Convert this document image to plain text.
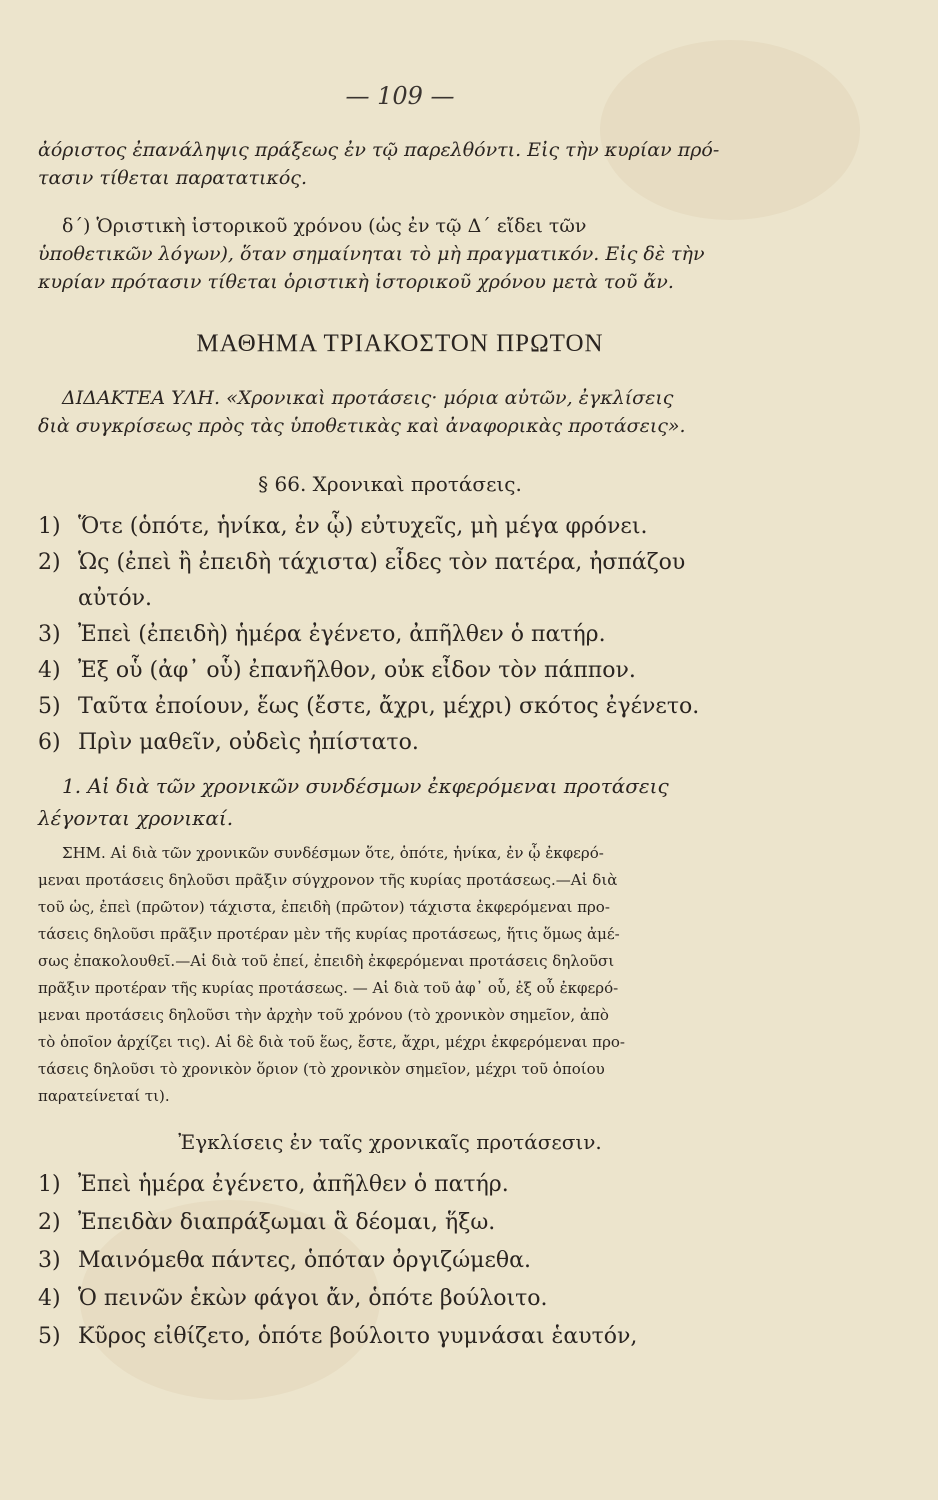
— 109 —
ἀόριστος ἐπανάληψις πράξεως ἐν τῷ παρελθόντι. Εἰς τὴν κυρίαν πρό-
τασιν τίθεται παρατατικός.
δ΄) Ὁριστικὴ ἱστορικοῦ χρόνου (ὡς ἐν τῷ Δ΄ εἴδει τῶν
ὑποθετικῶν λόγων), ὅταν σημαίνηται τὸ μὴ πραγματικόν. Εἰς δὲ τὴν
κυρίαν πρότασιν τίθεται ὁριστικὴ ἱστορικοῦ χρόνου μετὰ τοῦ ἄν.
ΜΑΘΗΜΑ ΤΡΙΑΚΟΣΤΟΝ ΠΡΩΤΟΝ
ΔΙΔΑΚΤΕΑ ΥΛΗ. «Χρονικαὶ προτάσεις· μόρια αὐτῶν, ἐγκλίσεις
διὰ συγκρίσεως πρὸς τὰς ὑποθετικὰς καὶ ἀναφορικὰς προτάσεις».
§ 66. Χρονικαὶ προτάσεις.
1) Ὅτε (ὁπότε, ἡνίκα, ἐν ᾧ) εὐτυχεῖς, μὴ μέγα φρόνει.
2) Ὡς (ἐπεὶ ἢ ἐπειδὴ τάχιστα) εἶδες τὸν πατέρα, ἠσπάζου
αὐτόν.
3) Ἐπεὶ (ἐπειδὴ) ἡμέρα ἐγένετο, ἀπῆλθεν ὁ πατήρ.
4) Ἐξ οὗ (ἀφ᾽ οὗ) ἐπανῆλθον, οὐκ εἶδον τὸν πάππον.
5) Ταῦτα ἐποίουν, ἕως (ἔστε, ἄχρι, μέχρι) σκότος ἐγένετο.
6) Πρὶν μαθεῖν, οὐδεὶς ἠπίστατο.
1. Αἱ διὰ τῶν χρονικῶν συνδέσμων ἐκφερόμεναι προτάσεις
λέγονται χρονικαί.
ΣΗΜ. Αἱ διὰ τῶν χρονικῶν συνδέσμων ὅτε, ὁπότε, ἡνίκα, ἐν ᾧ ἐκφερό-
μεναι προτάσεις δηλοῦσι πρᾶξιν σύγχρονον τῆς κυρίας προτάσεως.—Αἱ διὰ
τοῦ ὡς, ἐπεὶ (πρῶτον) τάχιστα, ἐπειδὴ (πρῶτον) τάχιστα ἐκφερόμεναι προ-
τάσεις δηλοῦσι πρᾶξιν προτέραν μὲν τῆς κυρίας προτάσεως, ἥτις ὅμως ἀμέ-
σως ἐπακολουθεῖ.—Αἱ διὰ τοῦ ἐπεί, ἐπειδὴ ἐκφερόμεναι προτάσεις δηλοῦσι
πρᾶξιν προτέραν τῆς κυρίας προτάσεως. — Αἱ διὰ τοῦ ἀφ᾽ οὗ, ἐξ οὗ ἐκφερό-
μεναι προτάσεις δηλοῦσι τὴν ἀρχὴν τοῦ χρόνου (τὸ χρονικὸν σημεῖον, ἀπὸ
τὸ ὁποῖον ἀρχίζει τις). Αἱ δὲ διὰ τοῦ ἕως, ἔστε, ἄχρι, μέχρι ἐκφερόμεναι προ-
τάσεις δηλοῦσι τὸ χρονικὸν ὅριον (τὸ χρονικὸν σημεῖον, μέχρι τοῦ ὁποίου
παρατείνεταί τι).
Ἐγκλίσεις ἐν ταῖς χρονικαῖς προτάσεσιν.
1) Ἐπεὶ ἡμέρα ἐγένετο, ἀπῆλθεν ὁ πατήρ.
2) Ἐπειδὰν διαπράξωμαι ἃ δέομαι, ἥξω.
3) Μαινόμεθα πάντες, ὁπόταν ὀργιζώμεθα.
4) Ὁ πεινῶν ἑκὼν φάγοι ἄν, ὁπότε βούλοιτο.
5) Κῦρος εἰθίζετο, ὁπότε βούλοιτο γυμνάσαι ἑαυτόν,
